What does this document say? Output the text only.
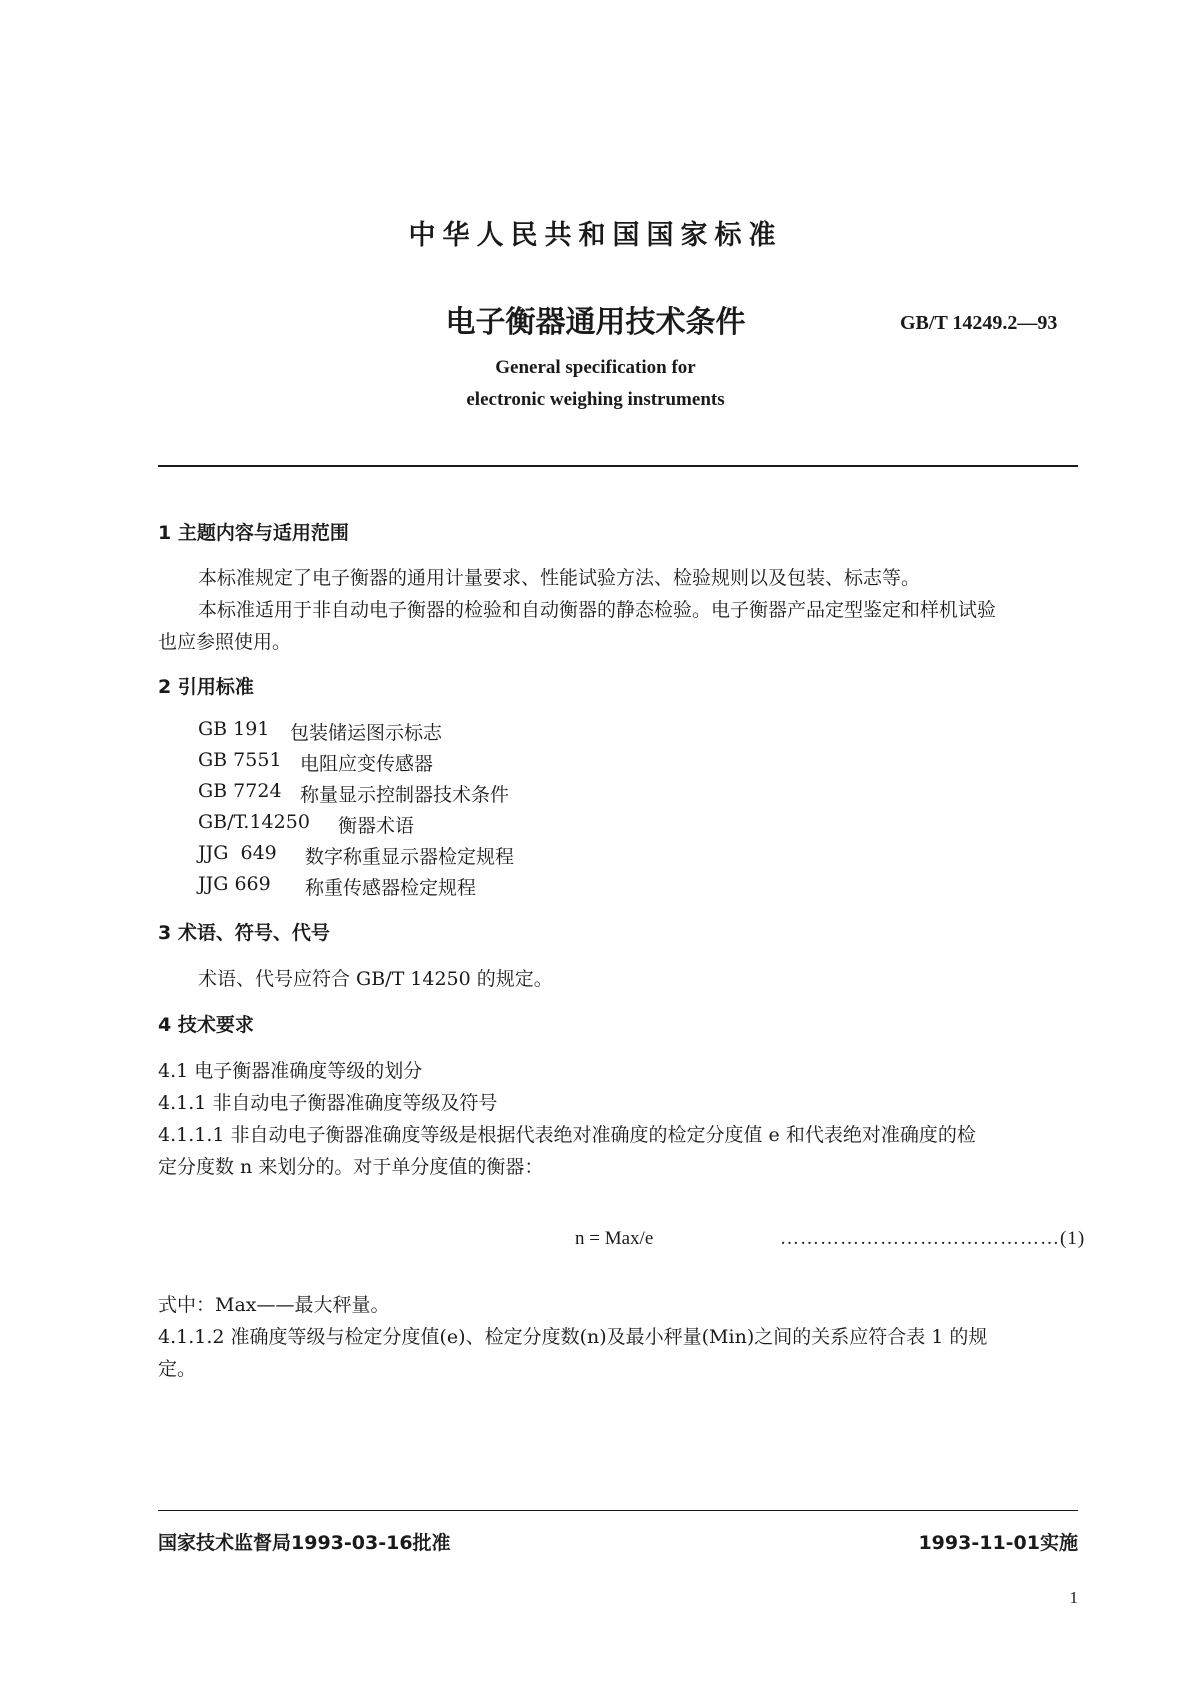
中华人民共和国国家标准
电子衡器通用技术条件	GB/T 14249.2—93
General specification for
electronic weighing instruments
1 主题内容与适用范围
本标准规定了电子衡器的通用计量要求、性能试验方法、检验规则以及包装、标志等。
本标准适用于非自动电子衡器的检验和自动衡器的静态检验。电子衡器产品定型鉴定和样机试验
也应参照使用。
2 引用标准
GB 191 包装储运图示标志
GB 7551 电阻应变传感器
GB 7724 称量显示控制器技术条件
GB/T.14250 衡器术语
JJG  649 数字称重显示器检定规程
JJG 669 称重传感器检定规程
3 术语、符号、代号
术语、代号应符合 GB/T 14250 的规定。
4 技术要求
4.1 电子衡器准确度等级的划分
4.1.1 非自动电子衡器准确度等级及符号
4.1.1.1 非自动电子衡器准确度等级是根据代表绝对准确度的检定分度值 e 和代表绝对准确度的检
定分度数 n 来划分的。对于单分度值的衡器：
n = Max/e	……………………………………(1)
式中：Max——最大秤量。
4.1.1.2 准确度等级与检定分度值(e)、检定分度数(n)及最小秤量(Min)之间的关系应符合表 1 的规
定。
国家技术监督局1993-03-16批准	1993-11-01实施
1
